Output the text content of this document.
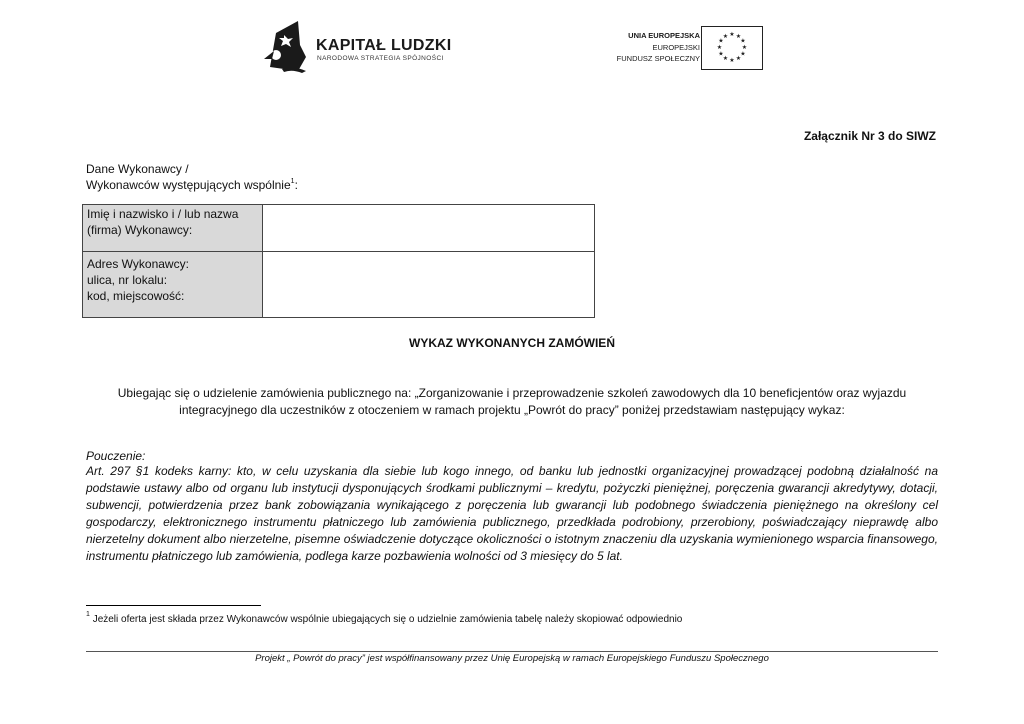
KAPITAŁ LUDZKI
NARODOWA STRATEGIA SPÓJNOŚCI
UNIA EUROPEJSKA
EUROPEJSKI
FUNDUSZ SPOŁECZNY
★ ★
★
★
★
★
★
★
★
★
★
★
Załącznik Nr 3 do SIWZ
Dane Wykonawcy /
Wykonawców występujących wspólnie$^1$:
Imię i nazwisko i / lub nazwa
(firma) Wykonawcy:
Adres Wykonawcy:
ulica, nr lokalu:
kod, miejscowość:
WYKAZ WYKONANYCH ZAMÓWIEŃ
Ubiegając się o udzielenie zamówienia publicznego na: „Zorganizowanie i przeprowadzenie szkoleń zawodowych dla 10 beneficjentów oraz wyjazdu integracyjnego dla uczestników z otoczeniem w ramach projektu „Powrót do pracy” poniżej przedstawiam następujący wykaz:
Pouczenie:
Art. 297 §1 kodeks karny: kto, w celu uzyskania dla siebie lub kogo innego, od banku lub jednostki organizacyjnej prowadzącej podobną działalność na podstawie ustawy albo od organu lub instytucji dysponujących środkami publicznymi – kredytu, pożyczki pieniężnej, poręczenia gwarancji akredytywy, dotacji, subwencji, potwierdzenia przez bank zobowiązania wynikającego z poręczenia lub gwarancji lub podobnego świadczenia pieniężnego na określony cel gospodarczy, elektronicznego instrumentu płatniczego lub zamówienia publicznego, przedkłada podrobiony, przerobiony, poświadczający nieprawdę albo nierzetelny dokument albo nierzetelne, pisemne oświadczenie dotyczące okoliczności o istotnym znaczeniu dla uzyskania wymienionego wsparcia finansowego, instrumentu płatniczego lub zamówienia, podlega karze pozbawienia wolności od 3 miesięcy do 5 lat.
$^1$ Jeżeli oferta jest składa przez Wykonawców wspólnie ubiegających się o udzielnie zamówienia tabelę należy skopiować odpowiednio
Projekt „ Powrót do pracy” jest współfinansowany przez Unię Europejską w ramach Europejskiego Funduszu Społecznego
